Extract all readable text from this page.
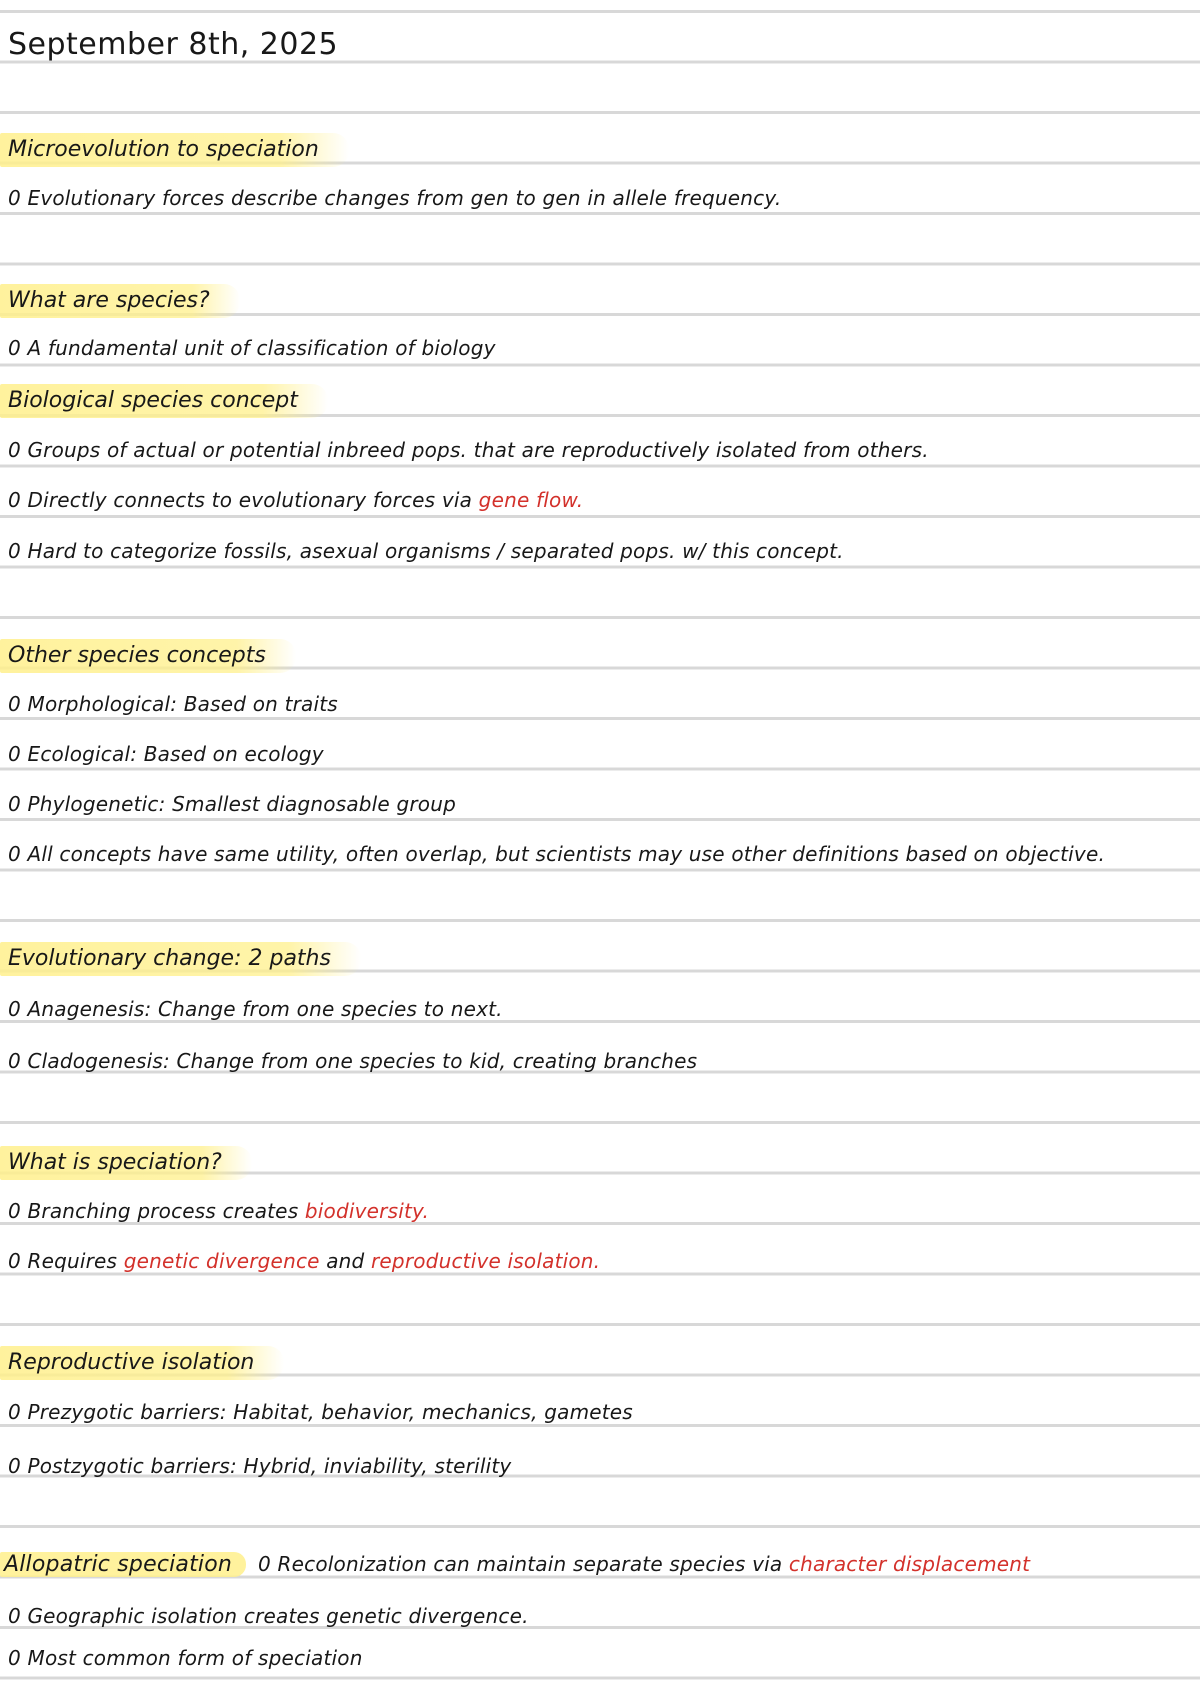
September 8th, 2025
Microevolution to speciation
0 Evolutionary forces describe changes from gen to gen in allele frequency.
What are species?
0 A fundamental unit of classification of biology
Biological species concept
0 Groups of actual or potential inbreed pops. that are reproductively isolated from others.
0 Directly connects to evolutionary forces via gene flow.
0 Hard to categorize fossils, asexual organisms / separated pops. w/ this concept.
Other species concepts
0 Morphological: Based on traits
0 Ecological: Based on ecology
0 Phylogenetic: Smallest diagnosable group
0 All concepts have same utility, often overlap, but scientists may use other definitions based on objective.
Evolutionary change: 2 paths
0 Anagenesis: Change from one species to next.
0 Cladogenesis: Change from one species to kid, creating branches
What is speciation?
0 Branching process creates biodiversity.
0 Requires genetic divergence and reproductive isolation.
Reproductive isolation
0 Prezygotic barriers: Habitat, behavior, mechanics, gametes
0 Postzygotic barriers: Hybrid, inviability, sterility
Allopatric speciation 0 Recolonization can maintain separate species via character displacement
0 Geographic isolation creates genetic divergence.
0 Most common form of speciation
